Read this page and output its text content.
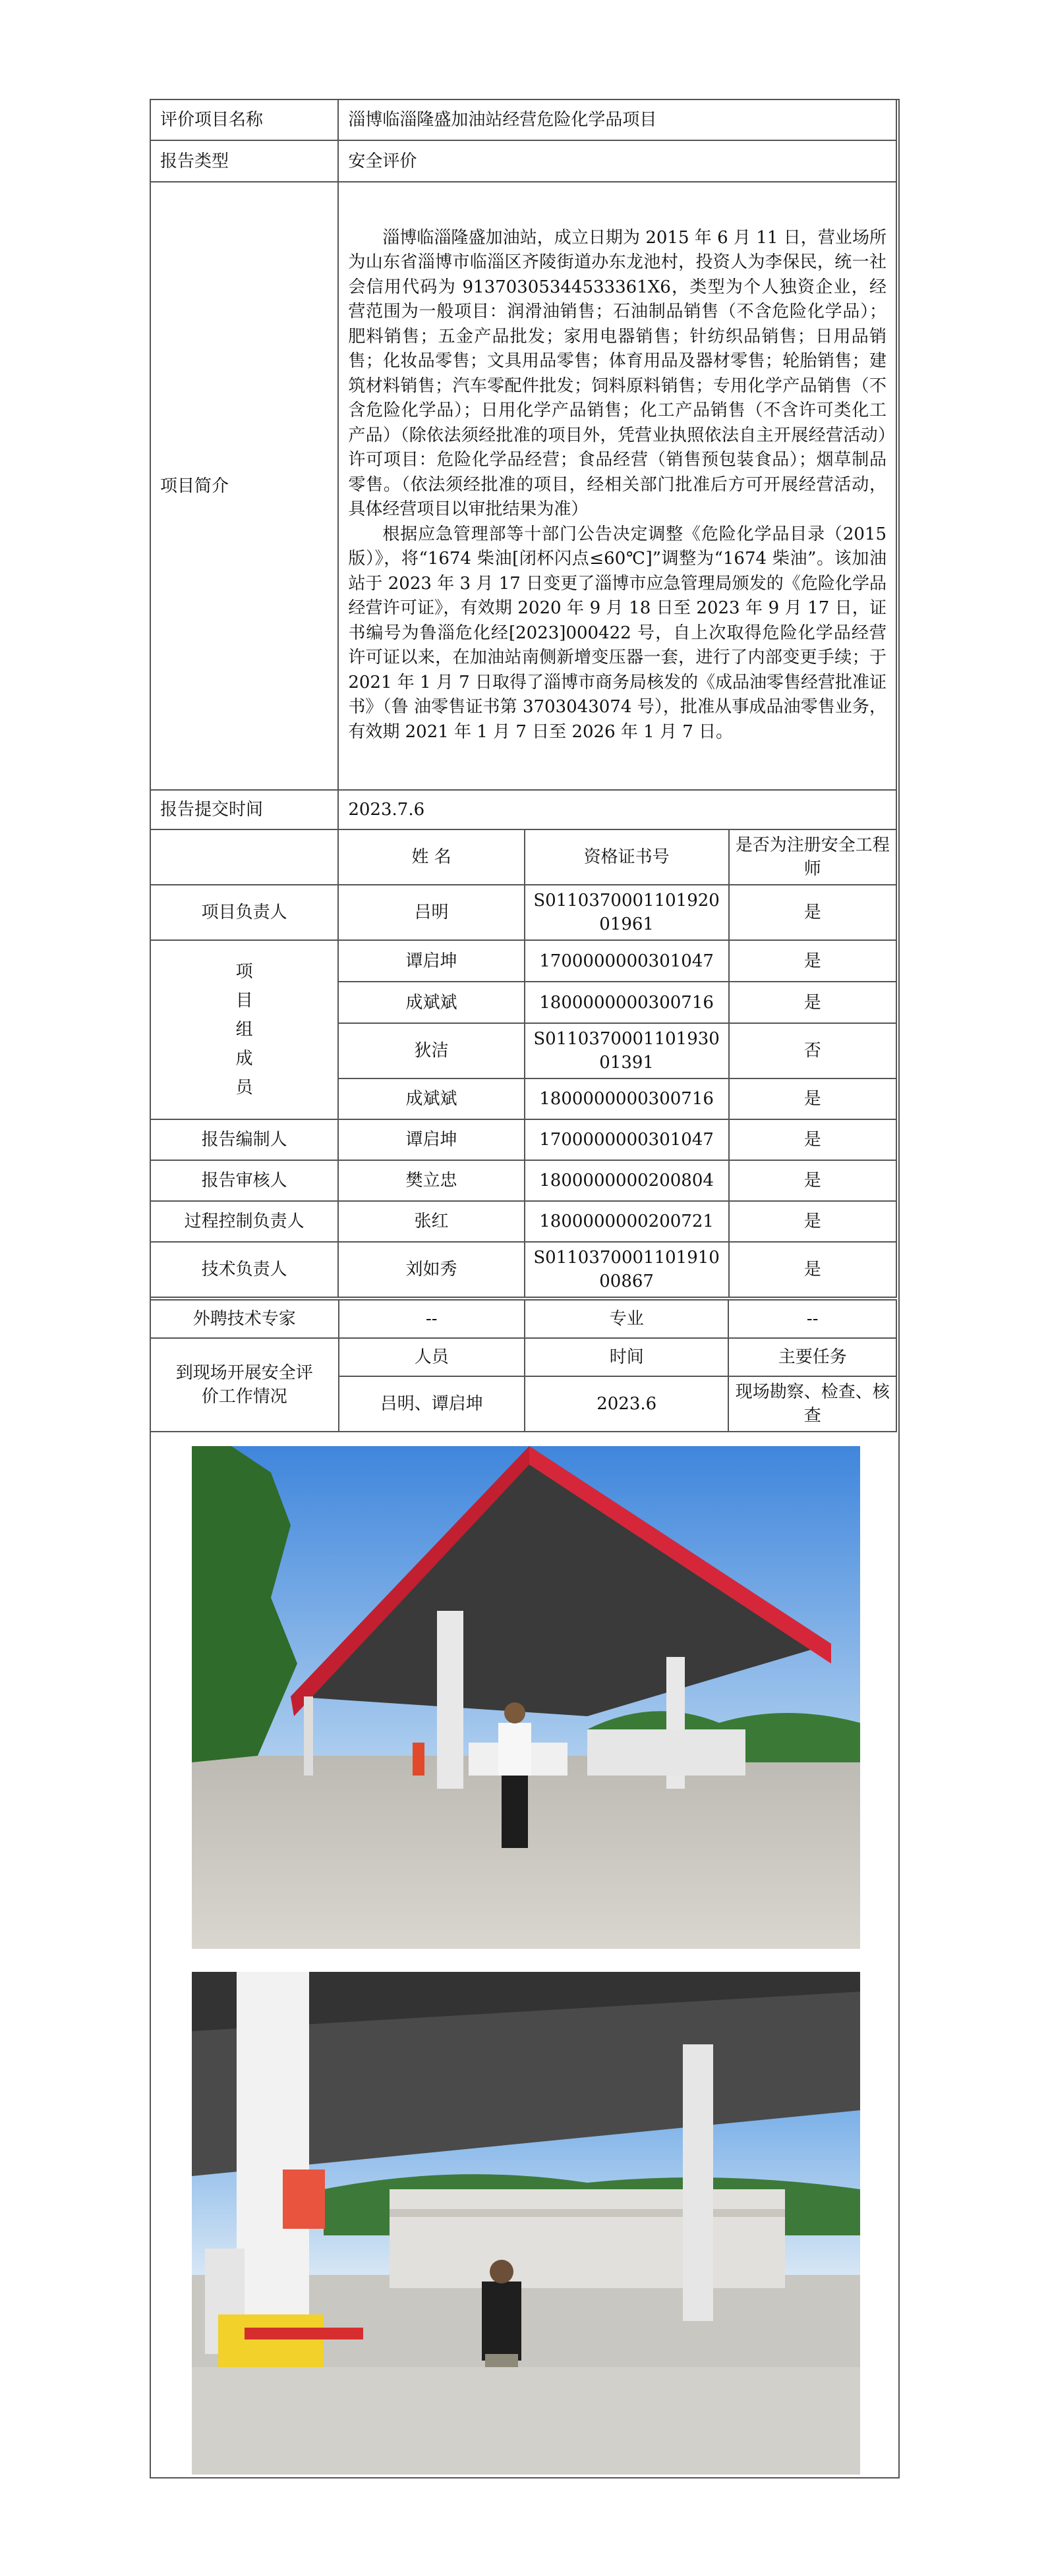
评价项目名称	淄博临淄隆盛加油站经营危险化学品项目
报告类型	安全评价
项目简介	淄博临淄隆盛加油站，成立日期为 2015 年 6 月 11 日，营业场所为山东省淄博市临淄区齐陵街道办东龙池村，投资人为李保民，统一社会信用代码为 91370305344533361X6，类型为个人独资企业，经营范围为一般项目：润滑油销售；石油制品销售（不含危险化学品）；肥料销售；五金产品批发；家用电器销售；针纺织品销售；日用品销售；化妆品零售；文具用品零售；体育用品及器材零售；轮胎销售；建筑材料销售；汽车零配件批发；饲料原料销售；专用化学产品销售（不含危险化学品）；日用化学产品销售；化工产品销售（不含许可类化工产品）（除依法须经批准的项目外，凭营业执照依法自主开展经营活动）许可项目：危险化学品经营；食品经营（销售预包装食品）；烟草制品零售。（依法须经批准的项目，经相关部门批准后方可开展经营活动，具体经营项目以审批结果为准）

根据应急管理部等十部门公告决定调整《危险化学品目录（2015 版）》，将“1674 柴油[闭杯闪点≤60℃]”调整为“1674 柴油”。该加油站于 2023 年 3 月 17 日变更了淄博市应急管理局颁发的《危险化学品经营许可证》，有效期 2020 年 9 月 18 日至 2023 年 9 月 17 日，证书编号为鲁淄危化经[2023]000422 号，自上次取得危险化学品经营许可证以来，在加油站南侧新增变压器一套，进行了内部变更手续；于 2021 年 1 月 7 日取得了淄博市商务局核发的《成品油零售经营批准证书》（鲁 油零售证书第 3703043074 号），批准从事成品油零售业务，有效期 2021 年 1 月 7 日至 2026 年 1 月 7 日。

报告提交时间	2023.7.6
	姓 名	资格证书号	是否为注册安全工程师
项目负责人	吕明	S011037000110192001961	是

项
目
组
成
员	谭启坤	1700000000301047	是
	成斌斌	1800000000300716	是
	狄洁	S011037000110193001391	否
	成斌斌	1800000000300716	是
报告编制人	谭启坤	1700000000301047	是
报告审核人	樊立忠	1800000000200804	是
过程控制负责人	张红	1800000000200721	是
技术负责人	刘如秀	S011037000110191000867	是
外聘技术专家	--	专业	--
到现场开展安全评价工作情况	人员	时间	主要任务
	吕明、谭启坤	2023.6	现场勘察、检查、核查
